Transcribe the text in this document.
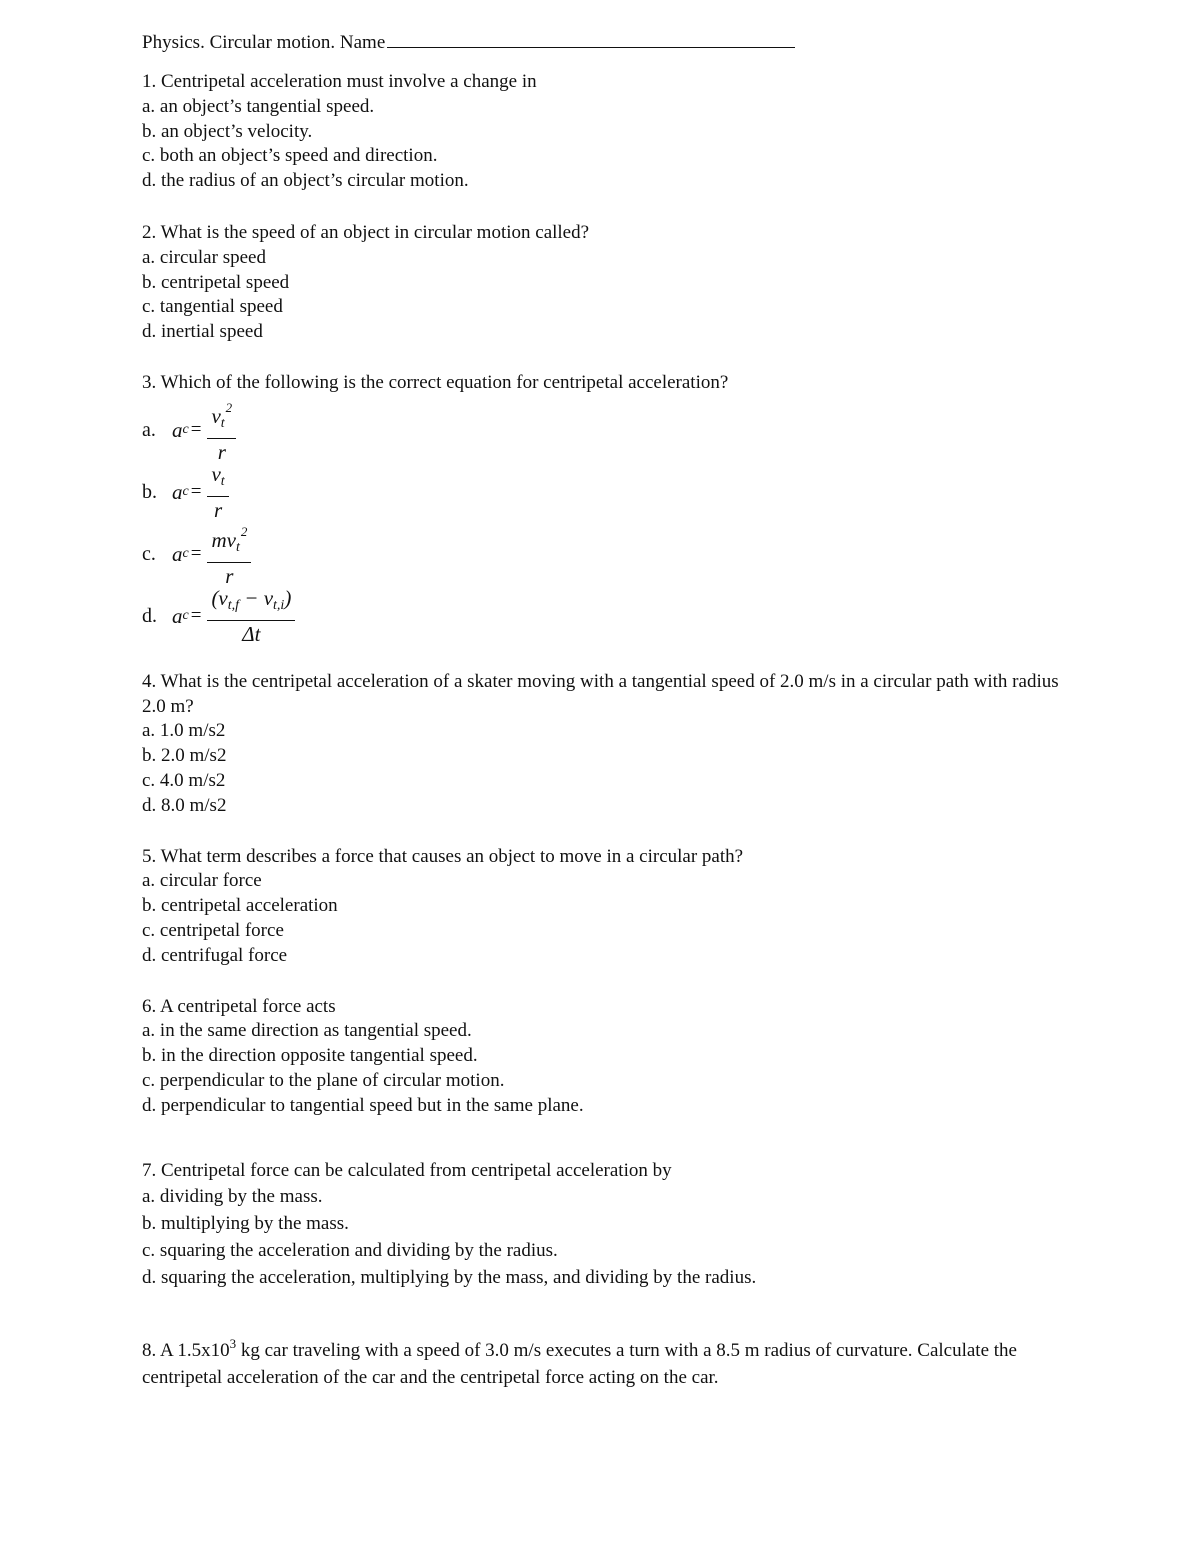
Physics. Circular motion. Name
1. Centripetal acceleration must involve a change in
a. an object’s tangential speed.
b. an object’s velocity.
c. both an object’s speed and direction.
d. the radius of an object’s circular motion.
2. What is the speed of an object in circular motion called?
a. circular speed
b. centripetal speed
c. tangential speed
d. inertial speed
3. Which of the following is the correct equation for centripetal acceleration?
a. a $c = \frac{v_t^2}{r}$
b. a $c = \frac{v_t}{r}$
c. a $c = \frac{mv_t^2}{r}$
d. a $c = \frac{(v_{t,f} - v_{t,i})}{\Delta t}$
4. What is the centripetal acceleration of a skater moving with a tangential speed of 2.0 m/s in a circular path with radius 2.0 m?
a. 1.0 m/s2
b. 2.0 m/s2
c. 4.0 m/s2
d. 8.0 m/s2
5. What term describes a force that causes an object to move in a circular path?
a. circular force
b. centripetal acceleration
c. centripetal force
d. centrifugal force
6. A centripetal force acts
a. in the same direction as tangential speed.
b. in the direction opposite tangential speed.
c. perpendicular to the plane of circular motion.
d. perpendicular to tangential speed but in the same plane.
7. Centripetal force can be calculated from centripetal acceleration by
a. dividing by the mass.
b. multiplying by the mass.
c. squaring the acceleration and dividing by the radius.
d. squaring the acceleration, multiplying by the mass, and dividing by the radius.
8. A $1.5x10^3$ kg car traveling with a speed of 3.0 m/s executes a turn with a 8.5 m radius of curvature. Calculate the centripetal acceleration of the car and the centripetal force acting on the car.
